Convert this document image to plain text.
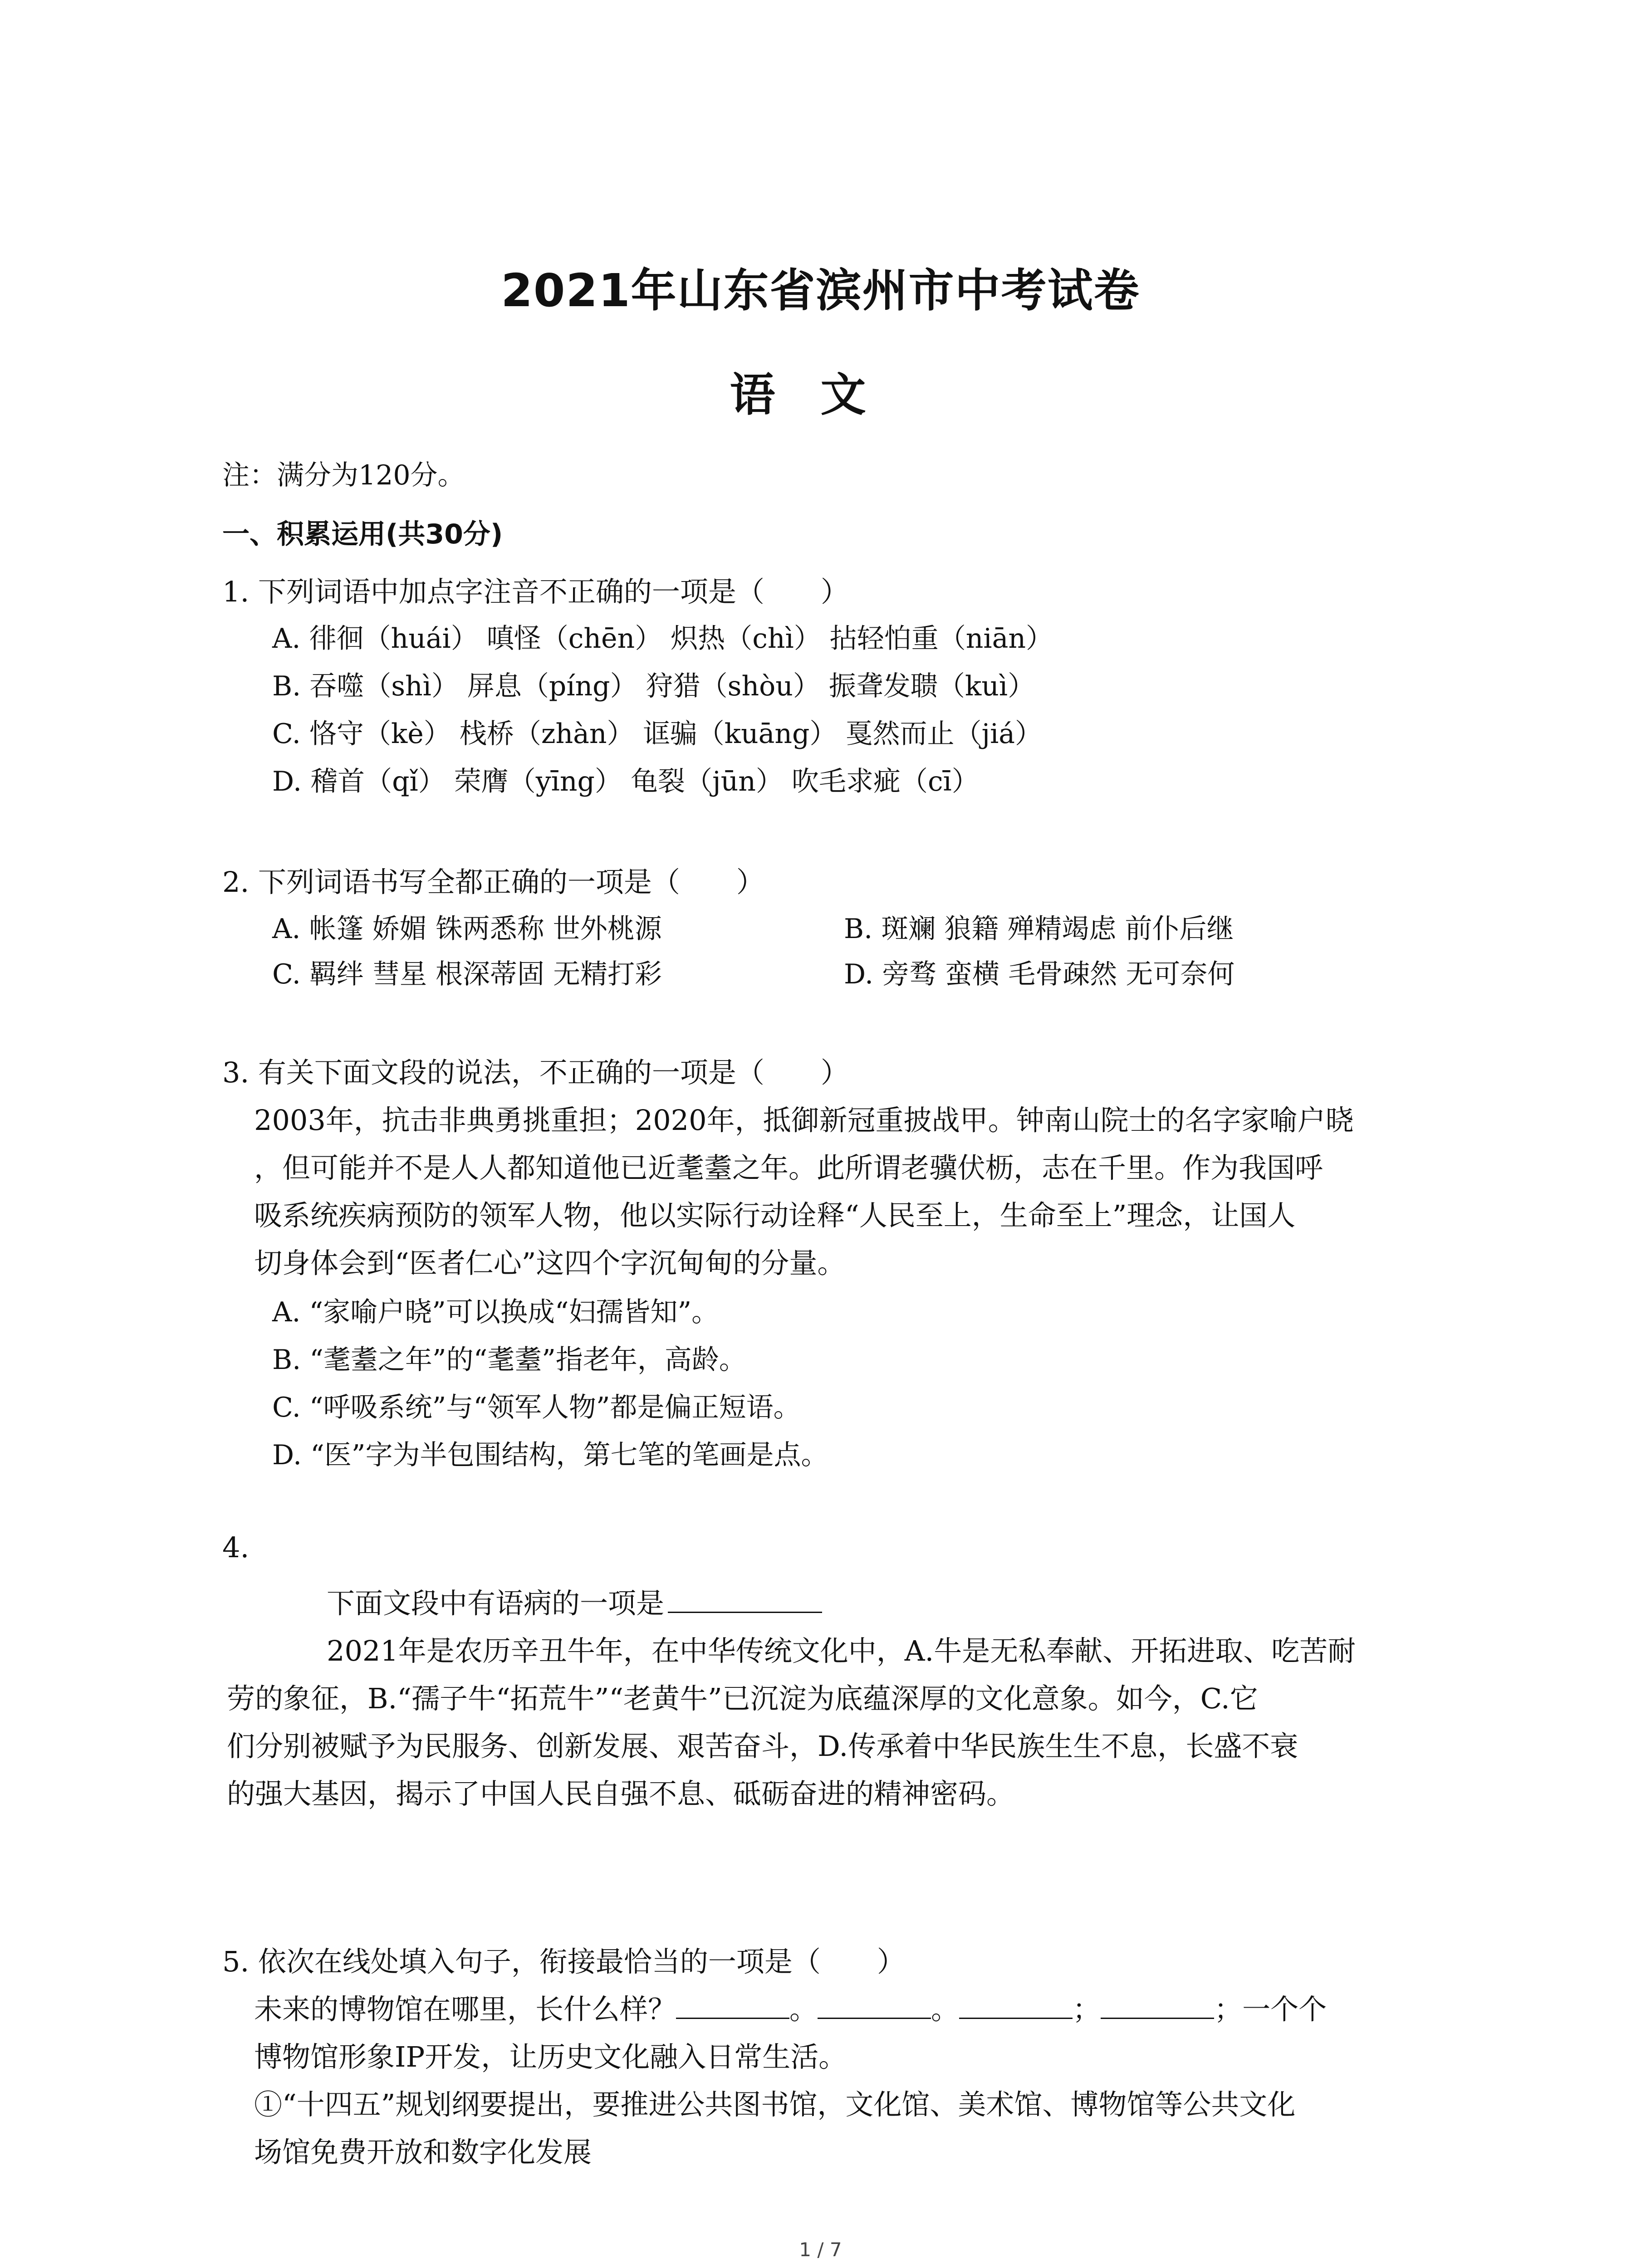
2021年山东省滨州市中考试卷
语文
注：满分为120分。
一、积累运用(共30分)
1. 下列词语中加点字注音不正确的一项是（　　）
A. 徘徊（huái） 嗔怪（chēn） 炽热（chì） 拈轻怕重（niān）
B. 吞噬（shì） 屏息（píng） 狩猎（shòu） 振聋发聩（kuì）
C. 恪守（kè） 栈桥（zhàn） 诓骗（kuāng） 戛然而止（jiá）
D. 稽首（qǐ） 荣膺（yīng） 龟裂（jūn） 吹毛求疵（cī）
2. 下列词语书写全都正确的一项是（　　）
A. 帐篷 娇媚 铢两悉称 世外桃源	B. 斑斓 狼籍 殚精竭虑 前仆后继
C. 羁绊 彗星 根深蒂固 无精打彩	D. 旁骛 蛮横 毛骨疎然 无可奈何
3. 有关下面文段的说法，不正确的一项是（　　）
2003年，抗击非典勇挑重担；2020年，抵御新冠重披战甲。钟南山院士的名字家喻户晓
，但可能并不是人人都知道他已近耄耋之年。此所谓老骥伏枥，志在千里。作为我国呼
吸系统疾病预防的领军人物，他以实际行动诠释“人民至上，生命至上”理念，让国人
切身体会到“医者仁心”这四个字沉甸甸的分量。
A. “家喻户晓”可以换成“妇孺皆知”。
B. “耄耋之年”的“耄耋”指老年，高龄。
C. “呼吸系统”与“领军人物”都是偏正短语。
D. “医”字为半包围结构，第七笔的笔画是点。
4.
下面文段中有语病的一项是
2021年是农历辛丑牛年，在中华传统文化中，A.牛是无私奉献、开拓进取、吃苦耐
劳的象征，B.“孺子牛“拓荒牛”“老黄牛”已沉淀为底蕴深厚的文化意象。如今，C.它
们分别被赋予为民服务、创新发展、艰苦奋斗，D.传承着中华民族生生不息，长盛不衰
的强大基因，揭示了中国人民自强不息、砥砺奋进的精神密码。
5. 依次在线处填入句子，衔接最恰当的一项是（　　）
未来的博物馆在哪里，长什么样？	。	。	；	；一个个
博物馆形象IP开发，让历史文化融入日常生活。
①“十四五”规划纲要提出，要推进公共图书馆，文化馆、美术馆、博物馆等公共文化
场馆免费开放和数字化发展
1 / 7
